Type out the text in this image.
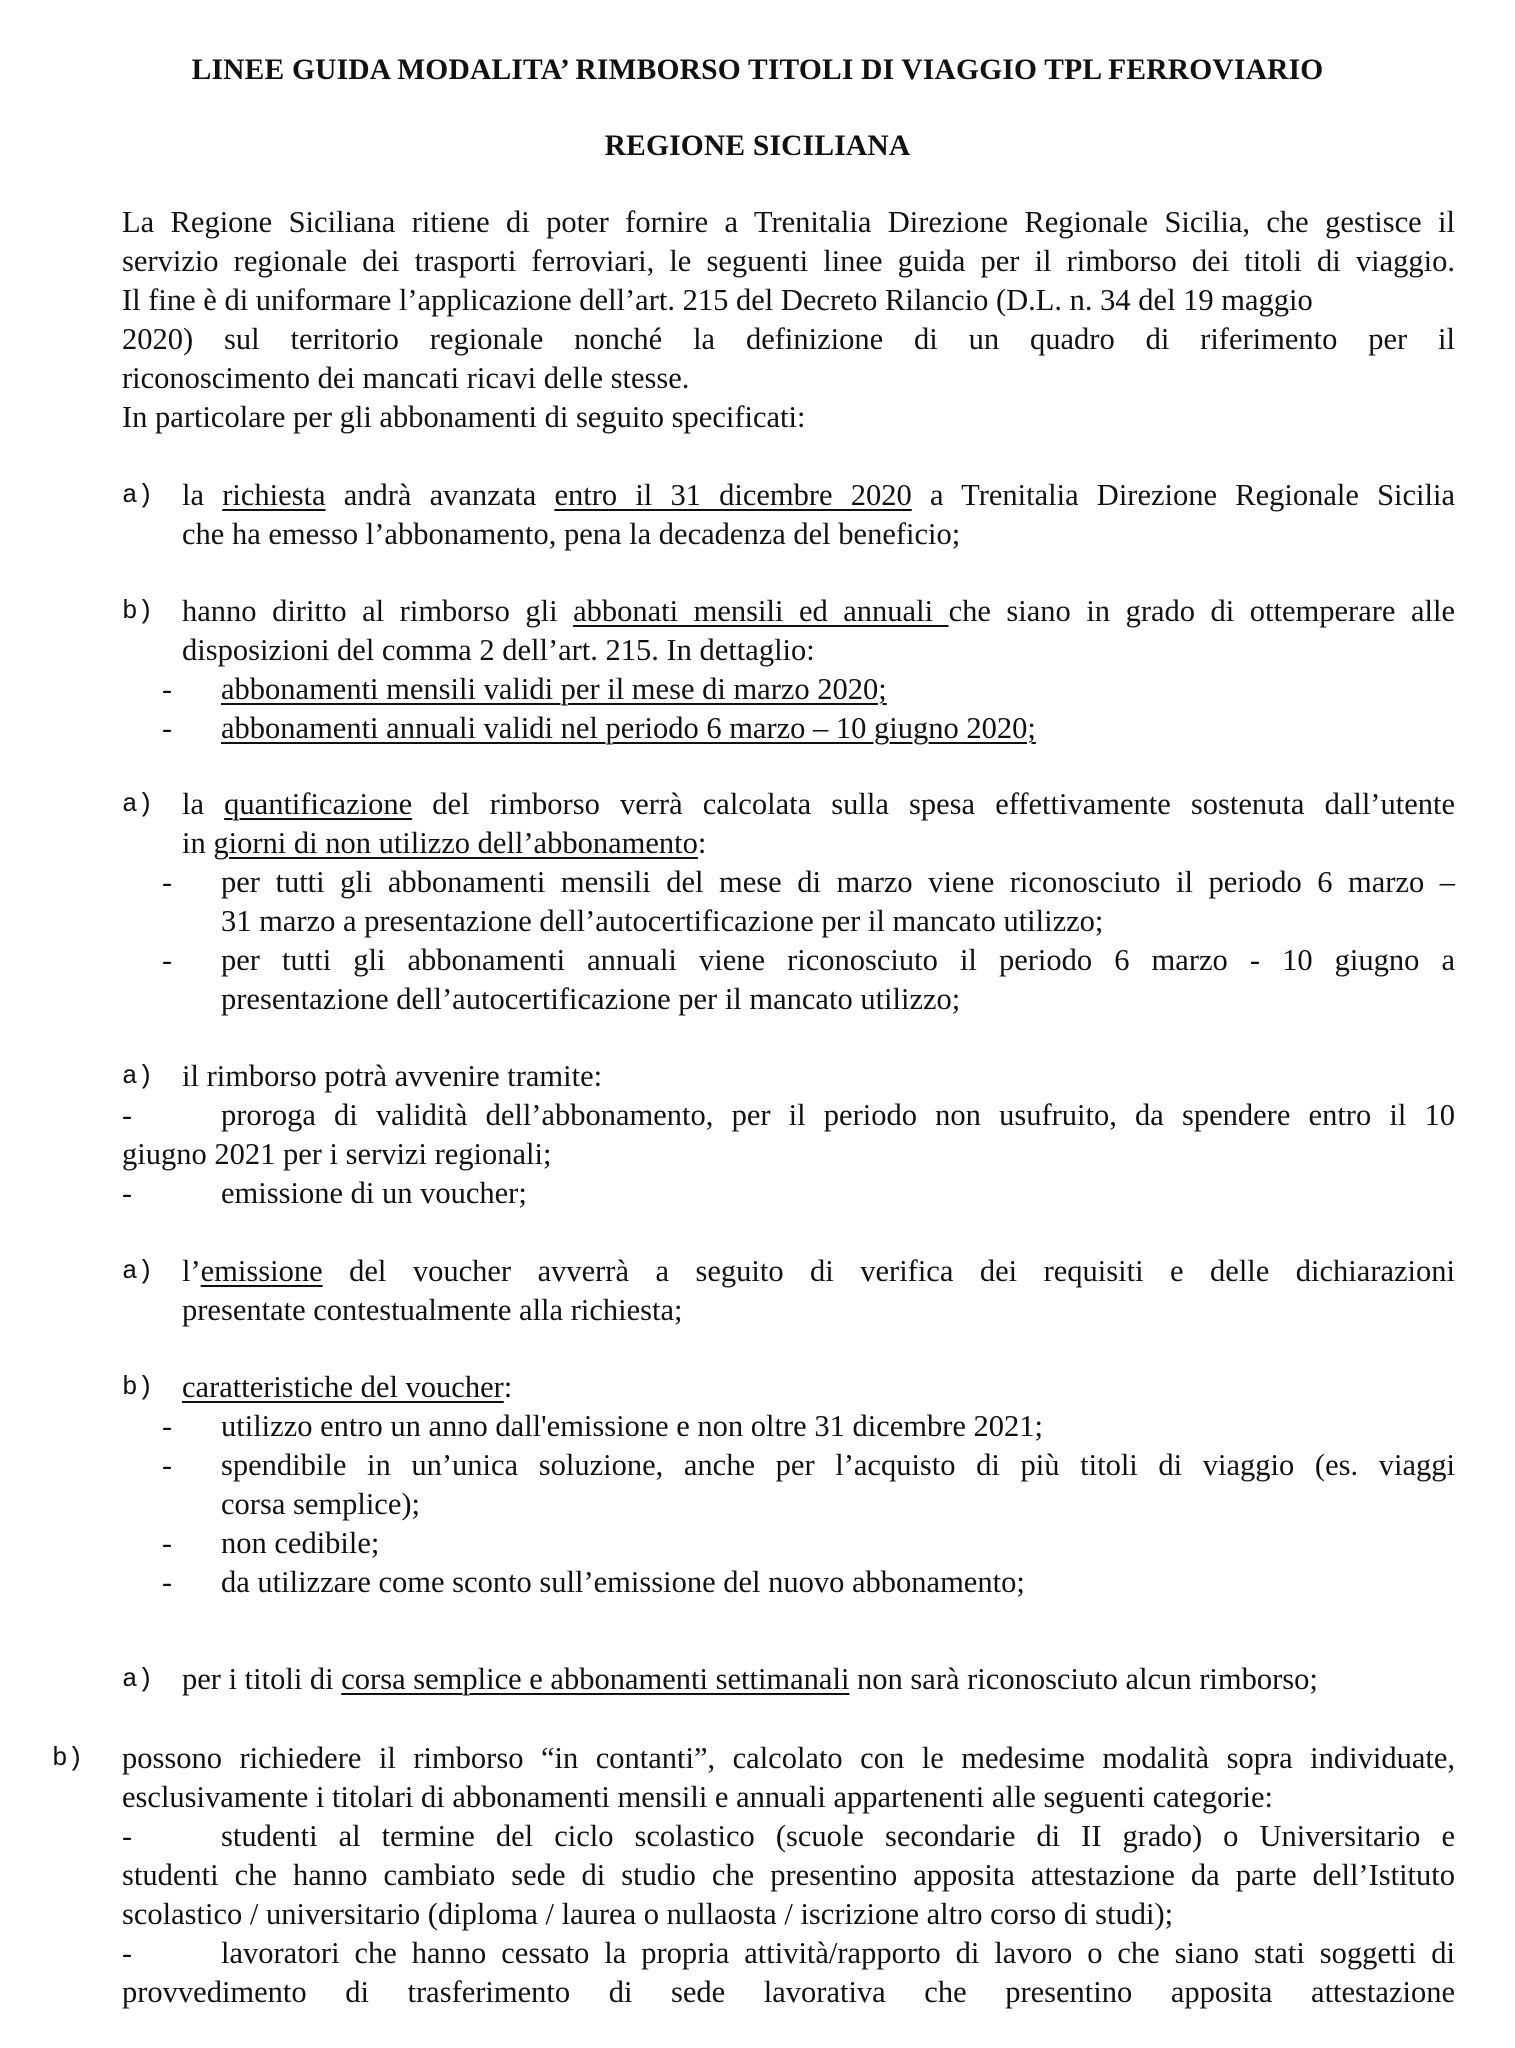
LINEE GUIDA MODALITA’ RIMBORSO TITOLI DI VIAGGIO TPL FERROVIARIO
REGIONE SICILIANA
La Regione Siciliana ritiene di poter fornire a Trenitalia Direzione Regionale Sicilia, che gestisce il
servizio regionale dei trasporti ferroviari, le seguenti linee guida per il rimborso dei titoli di viaggio.
Il fine è di uniformare l’applicazione dell’art. 215 del Decreto Rilancio (D.L. n. 34 del 19 maggio
2020) sul territorio regionale nonché la definizione di un quadro di riferimento per il
riconoscimento dei mancati ricavi delle stesse.
In particolare per gli abbonamenti di seguito specificati:
a) la richiesta andrà avanzata entro il 31 dicembre 2020 a Trenitalia Direzione Regionale Sicilia
che ha emesso l’abbonamento, pena la decadenza del beneficio;
b) hanno diritto al rimborso gli abbonati mensili ed annuali che siano in grado di ottemperare alle
disposizioni del comma 2 dell’art. 215. In dettaglio:
- abbonamenti mensili validi per il mese di marzo 2020;
- abbonamenti annuali validi nel periodo 6 marzo – 10 giugno 2020;
a) la quantificazione del rimborso verrà calcolata sulla spesa effettivamente sostenuta dall’utente
in giorni di non utilizzo dell’abbonamento:
- per tutti gli abbonamenti mensili del mese di marzo viene riconosciuto il periodo 6 marzo –
31 marzo a presentazione dell’autocertificazione per il mancato utilizzo;
- per tutti gli abbonamenti annuali viene riconosciuto il periodo 6 marzo - 10 giugno a
presentazione dell’autocertificazione per il mancato utilizzo;
a) il rimborso potrà avvenire tramite:
-	proroga di validità dell’abbonamento, per il periodo non usufruito, da spendere entro il 10
giugno 2021 per i servizi regionali;
-	emissione di un voucher;
a) l’emissione del voucher avverrà a seguito di verifica dei requisiti e delle dichiarazioni
presentate contestualmente alla richiesta;
b) caratteristiche del voucher:
- utilizzo entro un anno dall'emissione e non oltre 31 dicembre 2021;
- spendibile in un’unica soluzione, anche per l’acquisto di più titoli di viaggio (es. viaggi
corsa semplice);
- non cedibile;
- da utilizzare come sconto sull’emissione del nuovo abbonamento;
a) per i titoli di corsa semplice e abbonamenti settimanali non sarà riconosciuto alcun rimborso;
b) possono richiedere il rimborso “in contanti”, calcolato con le medesime modalità sopra individuate,
esclusivamente i titolari di abbonamenti mensili e annuali appartenenti alle seguenti categorie:
-	studenti al termine del ciclo scolastico (scuole secondarie di II grado) o Universitario e
studenti che hanno cambiato sede di studio che presentino apposita attestazione da parte dell’Istituto
scolastico / universitario (diploma / laurea o nullaosta / iscrizione altro corso di studi);
-	lavoratori che hanno cessato la propria attività/rapporto di lavoro o che siano stati soggetti di
provvedimento di trasferimento di sede lavorativa che presentino apposita attestazione
